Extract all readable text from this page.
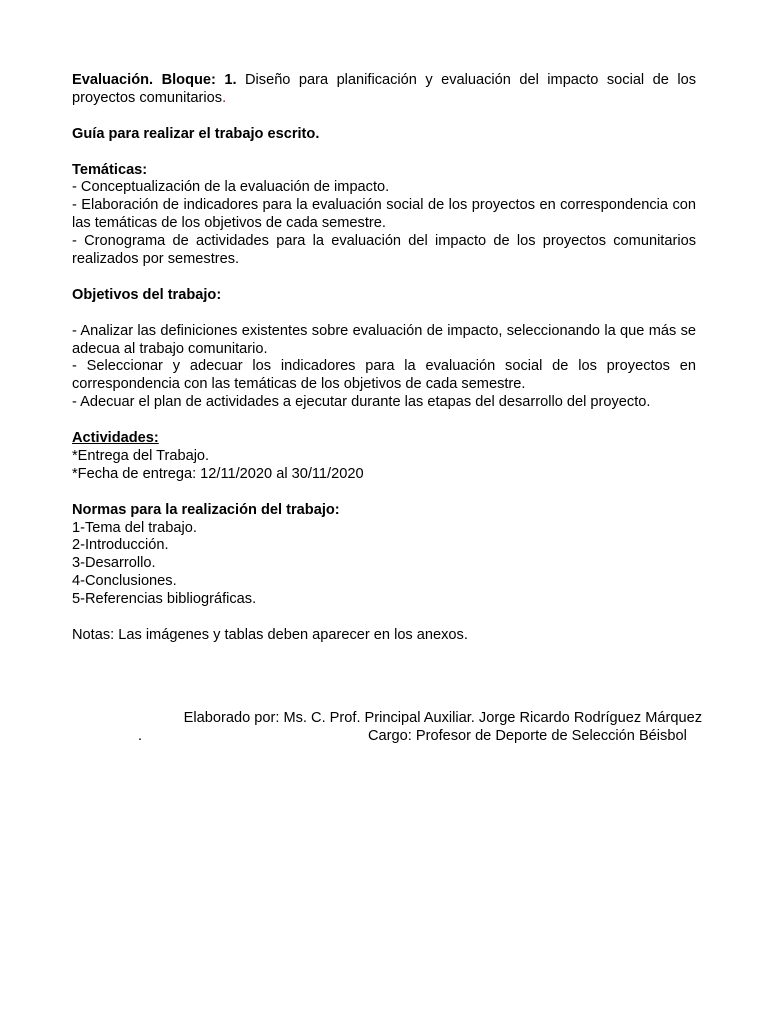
Evaluación. Bloque: 1. Diseño para planificación y evaluación del impacto social de los proyectos comunitarios.

Guía para realizar el trabajo escrito.

Temáticas:

- Conceptualización de la evaluación de impacto.

- Elaboración de indicadores para la evaluación social de los proyectos en correspondencia con las temáticas de los objetivos de cada semestre.

- Cronograma de actividades para la evaluación del impacto de los proyectos comunitarios realizados por semestres.

Objetivos del trabajo:

- Analizar las definiciones existentes sobre evaluación de impacto, seleccionando la que más se adecua al trabajo comunitario.

- Seleccionar y adecuar los indicadores para la evaluación social de los proyectos en correspondencia con las temáticas de los objetivos de cada semestre.

- Adecuar el plan de actividades a ejecutar durante las etapas del desarrollo del proyecto.

Actividades:

*Entrega del Trabajo.

*Fecha de entrega: 12/11/2020 al 30/11/2020

Normas para la realización del trabajo:

1-Tema del trabajo.

2-Introducción.

3-Desarrollo.

4-Conclusiones.

5-Referencias bibliográficas.

Notas: Las imágenes y tablas deben aparecer en los anexos.

Elaborado por: Ms. C. Prof. Principal Auxiliar. Jorge Ricardo Rodríguez Márquez
.	Cargo: Profesor de Deporte de Selección Béisbol
